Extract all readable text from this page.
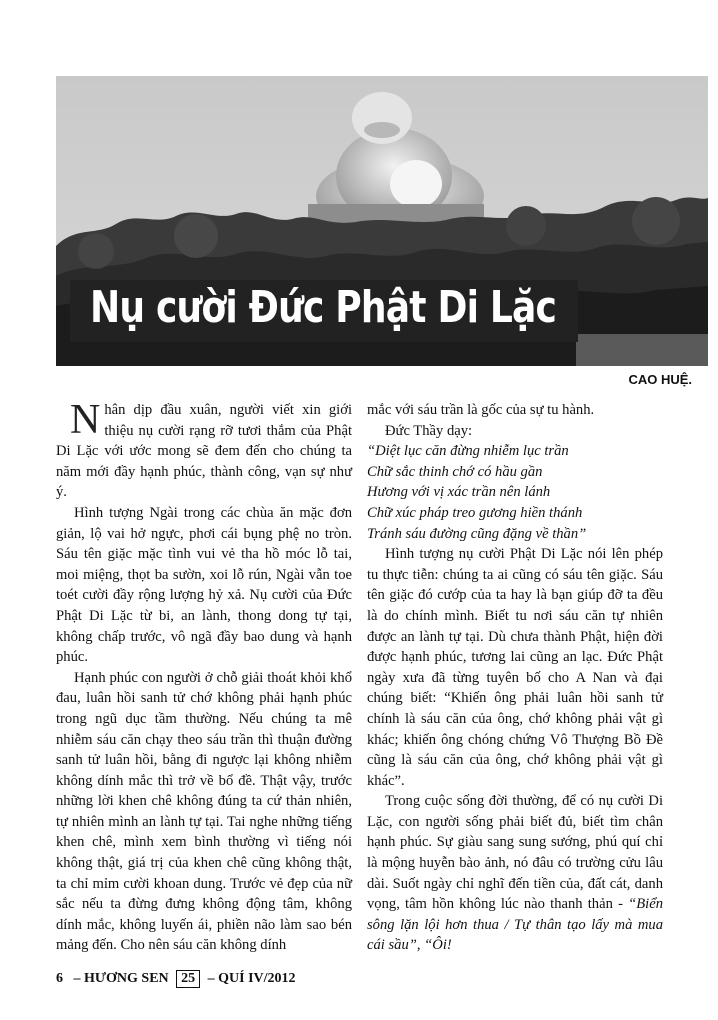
Nụ cười Đức Phật Di Lặc
CAO HUỆ.

Nhân dịp đầu xuân, người viết xin giới thiệu nụ cười rạng rỡ tươi thắm của Phật Di Lặc với ước mong sẽ đem đến cho chúng ta năm mới đầy hạnh phúc, thành công, vạn sự như ý.

Hình tượng Ngài trong các chùa ăn mặc đơn giản, lộ vai hở ngực, phơi cái bụng phệ no tròn. Sáu tên giặc mặc tình vui vẻ tha hồ móc lỗ tai, moi miệng, thọt ba sườn, xoi lỗ rún, Ngài vẫn toe toét cười đầy rộng lượng hỷ xả. Nụ cười của Đức Phật Di Lặc từ bi, an lành, thong dong tự tại, không chấp trước, vô ngã đầy bao dung và hạnh phúc.

Hạnh phúc con người ở chỗ giải thoát khỏi khổ đau, luân hồi sanh tử chớ không phải hạnh phúc trong ngũ dục tầm thường. Nếu chúng ta mê nhiễm sáu căn chạy theo sáu trần thì thuận đường sanh tử luân hồi, bằng đi ngược lại không nhiễm không dính mắc thì trở về bổ đề. Thật vậy, trước những lời khen chê không đúng ta cứ thản nhiên, tự nhiên mình an lành tự tại. Tai nghe những tiếng khen chê, mình xem bình thường vì tiếng nói không thật, giá trị của khen chê cũng không thật, ta chỉ mỉm cười khoan dung. Trước vẻ đẹp của nữ sắc nếu ta đừng đưng không động tâm, không dính mắc, không luyến ái, phiền não làm sao bén mảng đến. Cho nên sáu căn không dính

mắc với sáu trần là gốc của sự tu hành.

Đức Thầy dạy:

“Diệt lục căn đừng nhiễm lục trần

Chữ sắc thinh chớ có hầu gần

Hương với vị xác trần nên lánh

Chữ xúc pháp treo gương hiền thánh

Tránh sáu đường cũng đặng về thần”

Hình tượng nụ cười Phật Di Lặc nói lên phép tu thực tiễn: chúng ta ai cũng có sáu tên giặc. Sáu tên giặc đó cướp của ta hay là bạn giúp đỡ ta đều là do chính mình. Biết tu nơi sáu căn tự nhiên được an lành tự tại. Dù chưa thành Phật, hiện đời được hạnh phúc, tương lai cũng an lạc. Đức Phật ngày xưa đã từng tuyên bố cho A Nan và đại chúng biết: “Khiến ông phải luân hồi sanh tử chính là sáu căn của ông, chớ không phải vật gì khác; khiến ông chóng chứng Vô Thượng Bồ Đề cũng là sáu căn của ông, chớ không phải vật gì khác”.

Trong cuộc sống đời thường, để có nụ cười Di Lặc, con người sống phải biết đủ, biết tìm chân hạnh phúc. Sự giàu sang sung sướng, phú quí chỉ là mộng huyễn bào ảnh, nó đâu có trường cửu lâu dài. Suốt ngày chỉ nghĩ đến tiền của, đất cát, danh vọng, tâm hồn không lúc nào thanh thản - “Biển sông lặn lội hơn thua / Tự thân tạo lấy mà mua cái sầu”, “Ôi!

6 – HƯƠNG SEN 25 – QUÍ IV/2012
